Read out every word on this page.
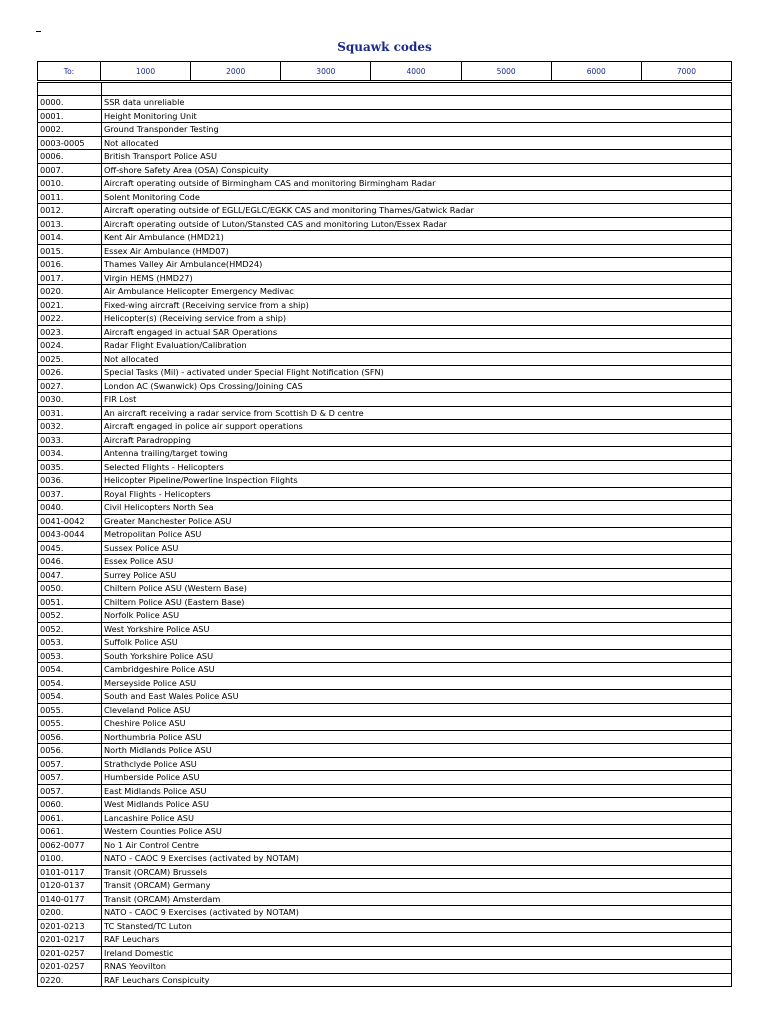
Squawk codes
To:	1000	2000	3000	4000	5000	6000	7000

0000.	SSR data unreliable
0001.	Height Monitoring Unit
0002.	Ground Transponder Testing
0003-0005	Not allocated
0006.	British Transport Police ASU
0007.	Off-shore Safety Area (OSA) Conspicuity
0010.	Aircraft operating outside of Birmingham CAS and monitoring Birmingham Radar
0011.	Solent Monitoring Code
0012.	Aircraft operating outside of EGLL/EGLC/EGKK CAS and monitoring Thames/Gatwick Radar
0013.	Aircraft operating outside of Luton/Stansted CAS and monitoring Luton/Essex Radar
0014.	Kent Air Ambulance (HMD21)
0015.	Essex Air Ambulance (HMD07)
0016.	Thames Valley Air Ambulance(HMD24)
0017.	Virgin HEMS (HMD27)
0020.	Air Ambulance Helicopter Emergency Medivac
0021.	Fixed-wing aircraft (Receiving service from a ship)
0022.	Helicopter(s) (Receiving service from a ship)
0023.	Aircraft engaged in actual SAR Operations
0024.	Radar Flight Evaluation/Calibration
0025.	Not allocated
0026.	Special Tasks (Mil) - activated under Special Flight Notification (SFN)
0027.	London AC (Swanwick) Ops Crossing/Joining CAS
0030.	FIR Lost
0031.	An aircraft receiving a radar service from Scottish D & D centre
0032.	Aircraft engaged in police air support operations
0033.	Aircraft Paradropping
0034.	Antenna trailing/target towing
0035.	Selected Flights - Helicopters
0036.	Helicopter Pipeline/Powerline Inspection Flights
0037.	Royal Flights - Helicopters
0040.	Civil Helicopters North Sea
0041-0042	Greater Manchester Police ASU
0043-0044	Metropolitan Police ASU
0045.	Sussex Police ASU
0046.	Essex Police ASU
0047.	Surrey Police ASU
0050.	Chiltern Police ASU (Western Base)
0051.	Chiltern Police ASU (Eastern Base)
0052.	Norfolk Police ASU
0052.	West Yorkshire Police ASU
0053.	Suffolk Police ASU
0053.	South Yorkshire Police ASU
0054.	Cambridgeshire Police ASU
0054.	Merseyside Police ASU
0054.	South and East Wales Police ASU
0055.	Cleveland Police ASU
0055.	Cheshire Police ASU
0056.	Northumbria Police ASU
0056.	North Midlands Police ASU
0057.	Strathclyde Police ASU
0057.	Humberside Police ASU
0057.	East Midlands Police ASU
0060.	West Midlands Police ASU
0061.	Lancashire Police ASU
0061.	Western Counties Police ASU
0062-0077	No 1 Air Control Centre
0100.	NATO - CAOC 9 Exercises (activated by NOTAM)
0101-0117	Transit (ORCAM) Brussels
0120-0137	Transit (ORCAM) Germany
0140-0177	Transit (ORCAM) Amsterdam
0200.	NATO - CAOC 9 Exercises (activated by NOTAM)
0201-0213	TC Stansted/TC Luton
0201-0217	RAF Leuchars
0201-0257	Ireland Domestic
0201-0257	RNAS Yeovilton
0220.	RAF Leuchars Conspicuity
